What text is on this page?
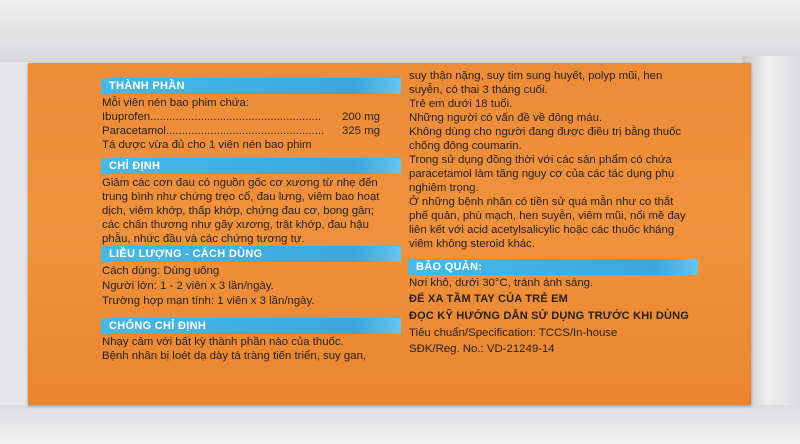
THÀNH PHẦN
Mỗi viên nén bao phim chứa:
Ibuprofen...................................................... 200 mg
Paracetamol.................................................. 325 mg
Tá dược vừa đủ cho 1 viên nén bao phim
CHỈ ĐỊNH
Giảm các cơn đau có nguồn gốc cơ xương từ nhẹ đến
trung bình như chứng trẹo cổ, đau lưng, viêm bao hoạt
dịch, viêm khớp, thấp khớp, chứng đau cơ, bong gân;
các chấn thương như gãy xương, trật khớp, đau hậu
phẫu, nhức đầu và các chứng tương tự.
LIỀU LƯỢNG - CÁCH DÙNG
Cách dùng: Dùng uống
Người lớn: 1 - 2 viên x 3 lần/ngày.
Trường hợp mạn tính: 1 viên x 3 lần/ngày.
CHỐNG CHỈ ĐỊNH
Nhạy cảm với bất kỳ thành phần nào của thuốc.
Bệnh nhân bị loét dạ dày tá tràng tiến triển, suy gan,
suy thận nặng, suy tim sung huyết, polyp mũi, hen
suyễn, có thai 3 tháng cuối.
Trẻ em dưới 18 tuổi.
Những người có vấn đề về đông máu.
Không dùng cho người đang được điều trị bằng thuốc
chống đông coumarin.
Trong sử dụng đồng thời với các sản phẩm có chứa
paracetamol làm tăng nguy cơ của các tác dụng phụ
nghiêm trọng.
Ở những bệnh nhân có tiền sử quá mẫn như co thắt
phế quản, phù mạch, hen suyễn, viêm mũi, nổi mề đay
liên kết với acid acetylsalicylic hoặc các thuốc kháng
viêm không steroid khác.
BẢO QUẢN:
Nơi khô, dưới 30°C, tránh ánh sáng.
ĐỂ XA TẦM TAY CỦA TRẺ EM
ĐỌC KỸ HƯỚNG DẪN SỬ DỤNG TRƯỚC KHI DÙNG
Tiêu chuẩn/Specification: TCCS/In-house
SĐK/Reg. No.: VD-21249-14
